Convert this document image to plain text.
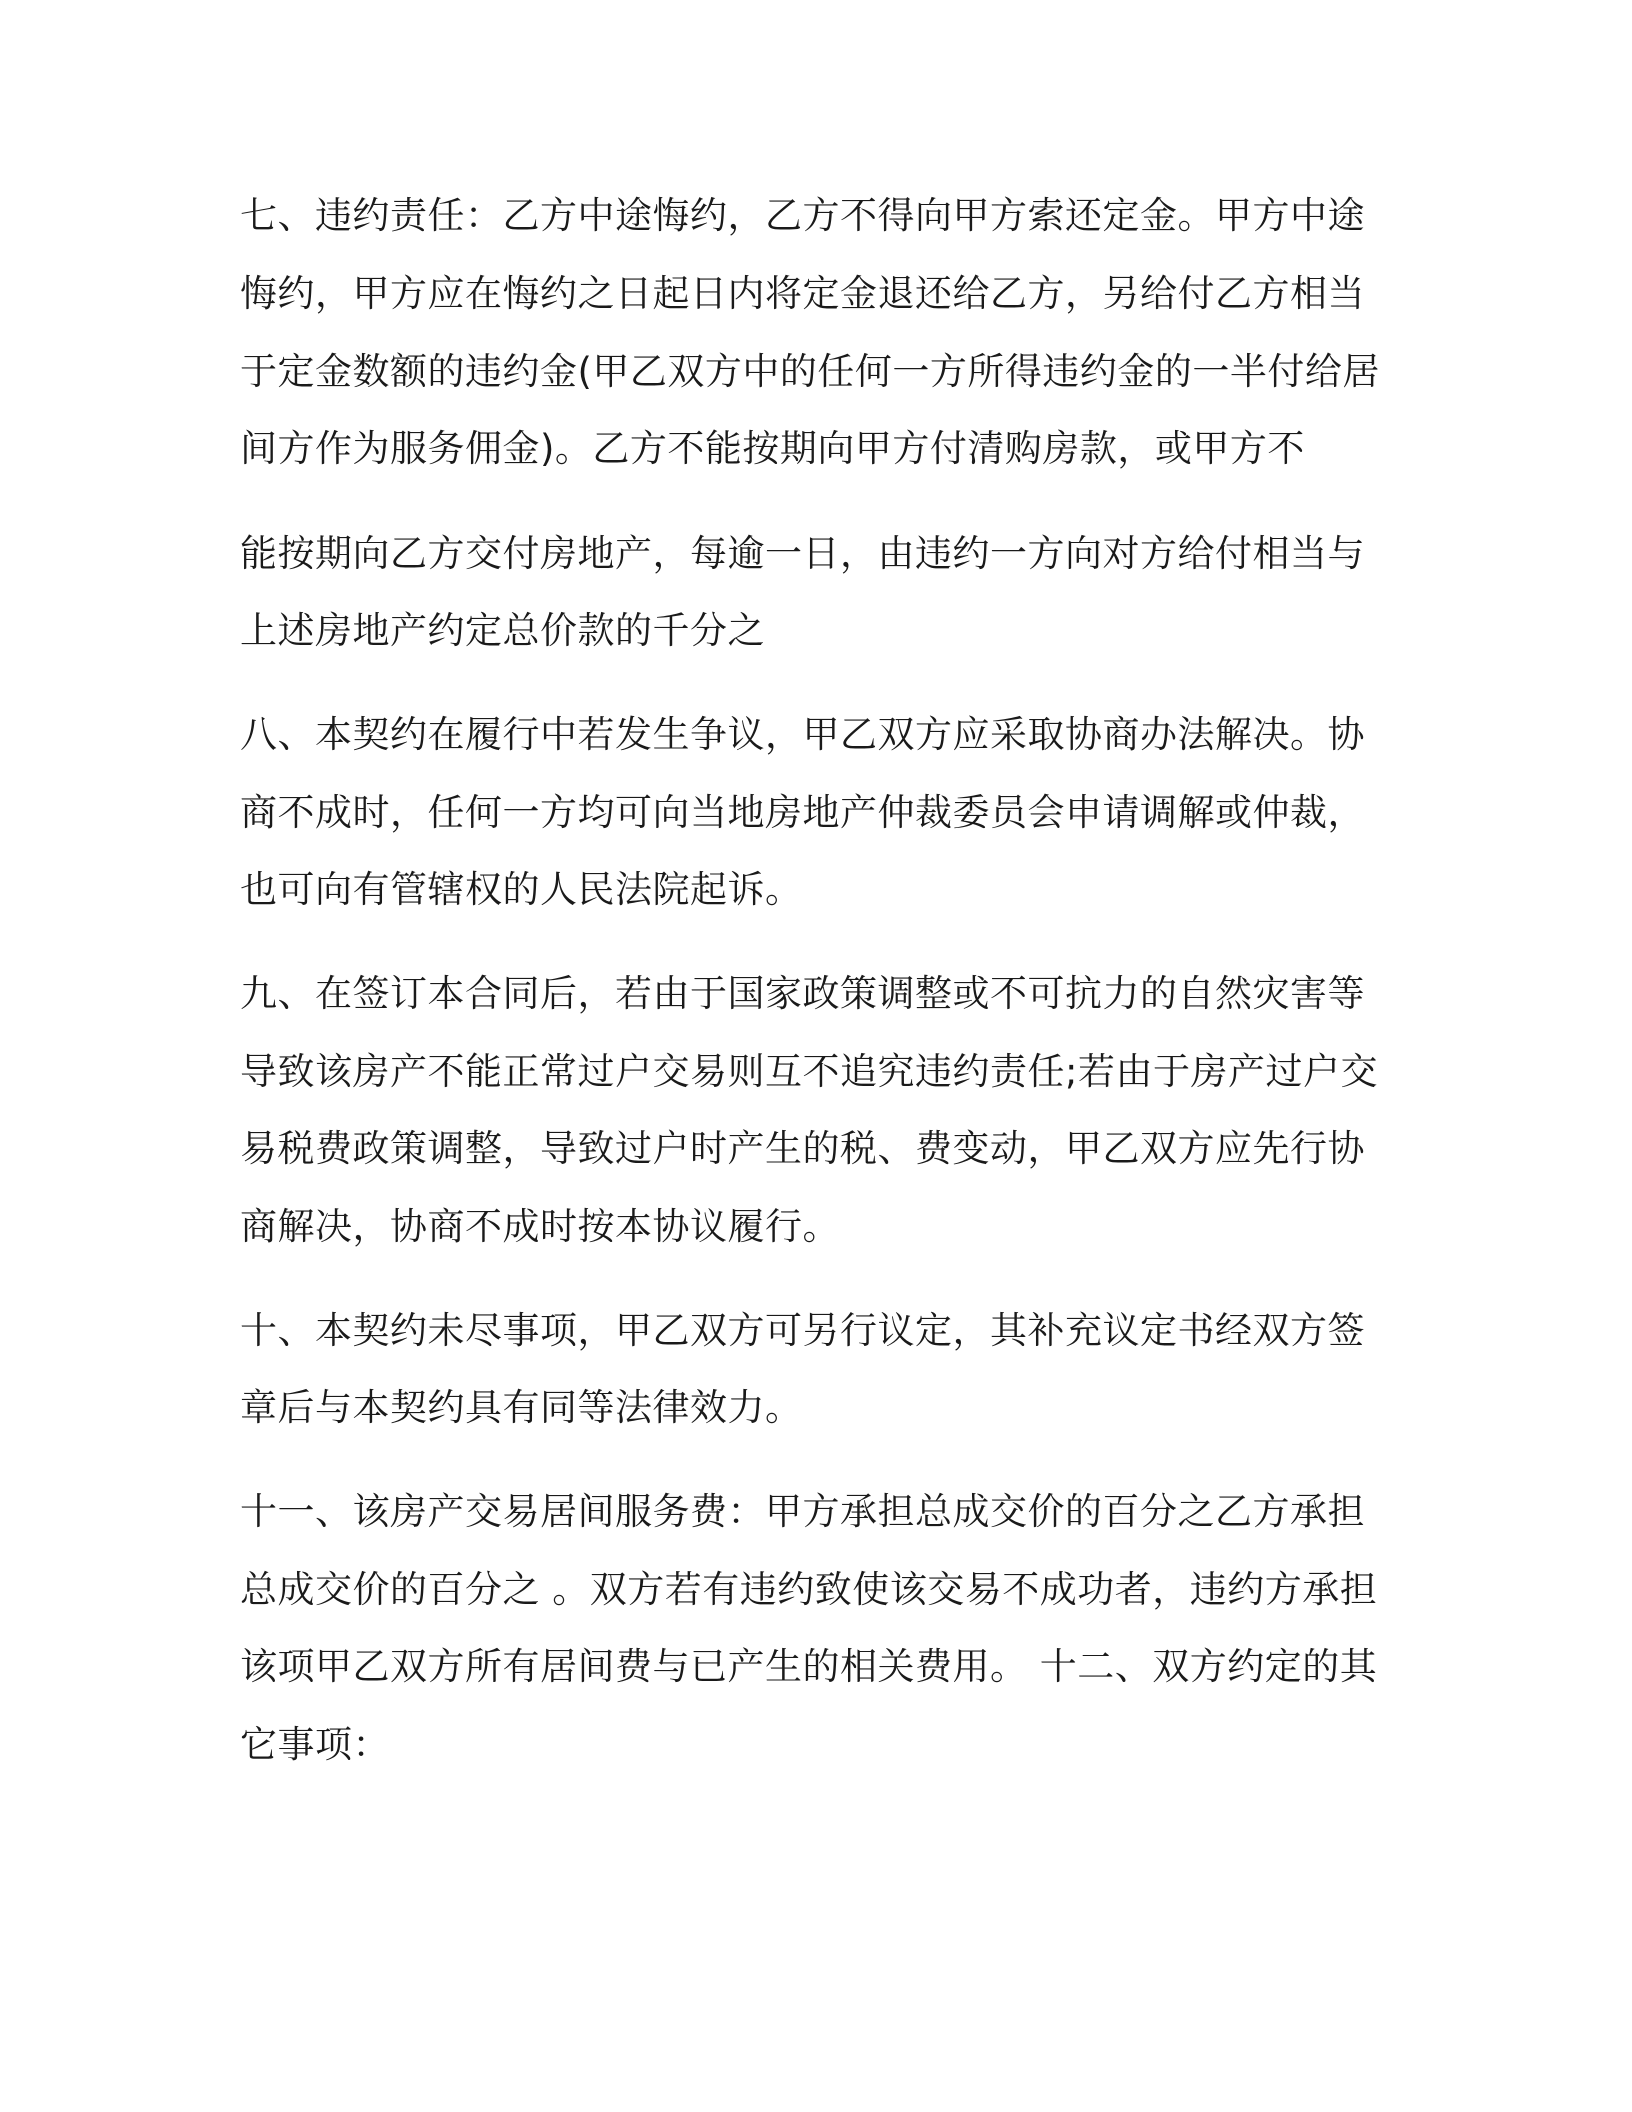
七、违约责任：乙方中途悔约，乙方不得向甲方索还定金。甲方中途

悔约，甲方应在悔约之日起日内将定金退还给乙方，另给付乙方相当

于定金数额的违约金(甲乙双方中的任何一方所得违约金的一半付给居

间方作为服务佣金)。乙方不能按期向甲方付清购房款，或甲方不

能按期向乙方交付房地产，每逾一日，由违约一方向对方给付相当与

上述房地产约定总价款的千分之

八、本契约在履行中若发生争议，甲乙双方应采取协商办法解决。协

商不成时，任何一方均可向当地房地产仲裁委员会申请调解或仲裁，

也可向有管辖权的人民法院起诉。

九、在签订本合同后，若由于国家政策调整或不可抗力的自然灾害等

导致该房产不能正常过户交易则互不追究违约责任;若由于房产过户交

易税费政策调整，导致过户时产生的税、费变动，甲乙双方应先行协

商解决，协商不成时按本协议履行。

十、本契约未尽事项，甲乙双方可另行议定，其补充议定书经双方签

章后与本契约具有同等法律效力。

十一、该房产交易居间服务费：甲方承担总成交价的百分之乙方承担

总成交价的百分之 。双方若有违约致使该交易不成功者，违约方承担

该项甲乙双方所有居间费与已产生的相关费用。 十二、双方约定的其

它事项：
